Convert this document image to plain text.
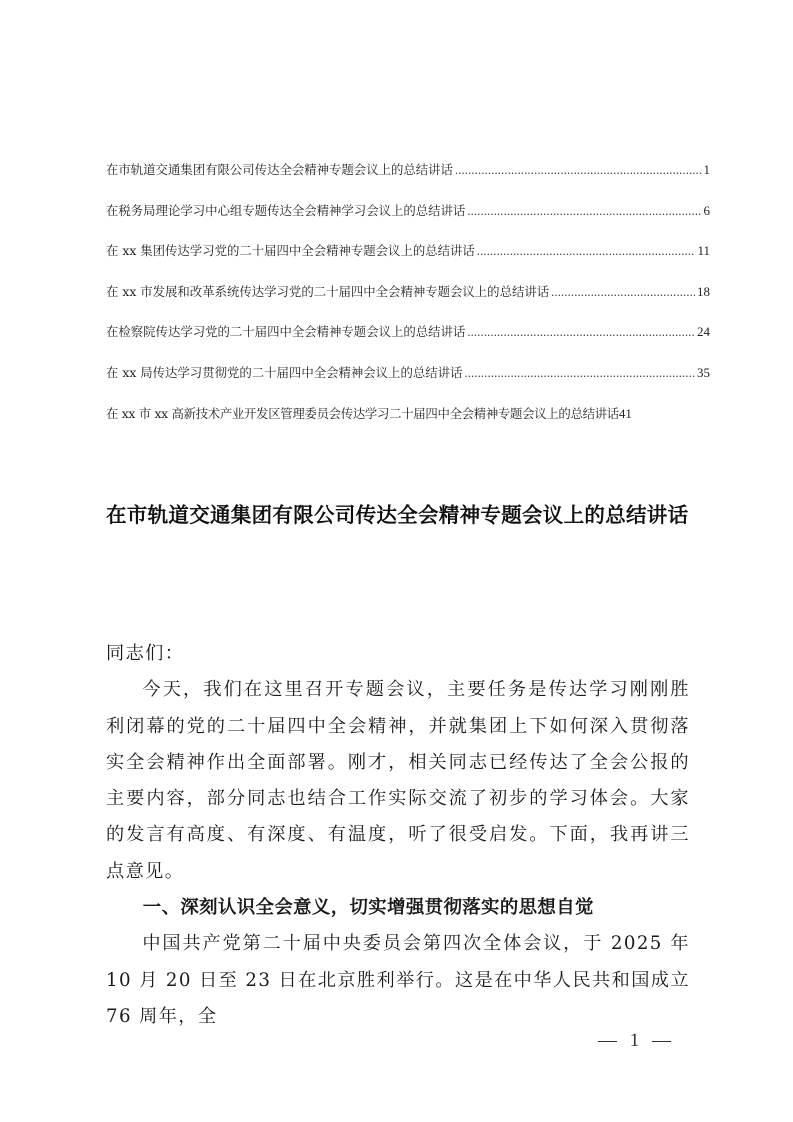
在市轨道交通集团有限公司传达全会精神专题会议上的总结讲话 .....	1
在税务局理论学习中心组专题传达全会精神学习会议上的总结讲话 .....	6
在 xx 集团传达学习党的二十届四中全会精神专题会议上的总结讲话 .....	11
在 xx 市发展和改革系统传达学习党的二十届四中全会精神专题会议上的总结讲话 .....	18
在检察院传达学习党的二十届四中全会精神专题会议上的总结讲话 .....	24
在 xx 局传达学习贯彻党的二十届四中全会精神会议上的总结讲话 .....	35
在 xx 市 xx 高新技术产业开发区管理委员会传达学习二十届四中全会精神专题会议上的总结讲话 41
在市轨道交通集团有限公司传达全会精神专题会议上的总结讲话

同志们：

今天，我们在这里召开专题会议，主要任务是传达学习刚刚胜利闭幕的党的二十届四中全会精神，并就集团上下如何深入贯彻落实全会精神作出全面部署。刚才，相关同志已经传达了全会公报的主要内容，部分同志也结合工作实际交流了初步的学习体会。大家的发言有高度、有深度、有温度，听了很受启发。下面，我再讲三点意见。

一、深刻认识全会意义，切实增强贯彻落实的思想自觉

中国共产党第二十届中央委员会第四次全体会议，于 2025 年 10 月 20 日至 23 日在北京胜利举行。这是在中华人民共和国成立 76 周年，全

— 1 —
